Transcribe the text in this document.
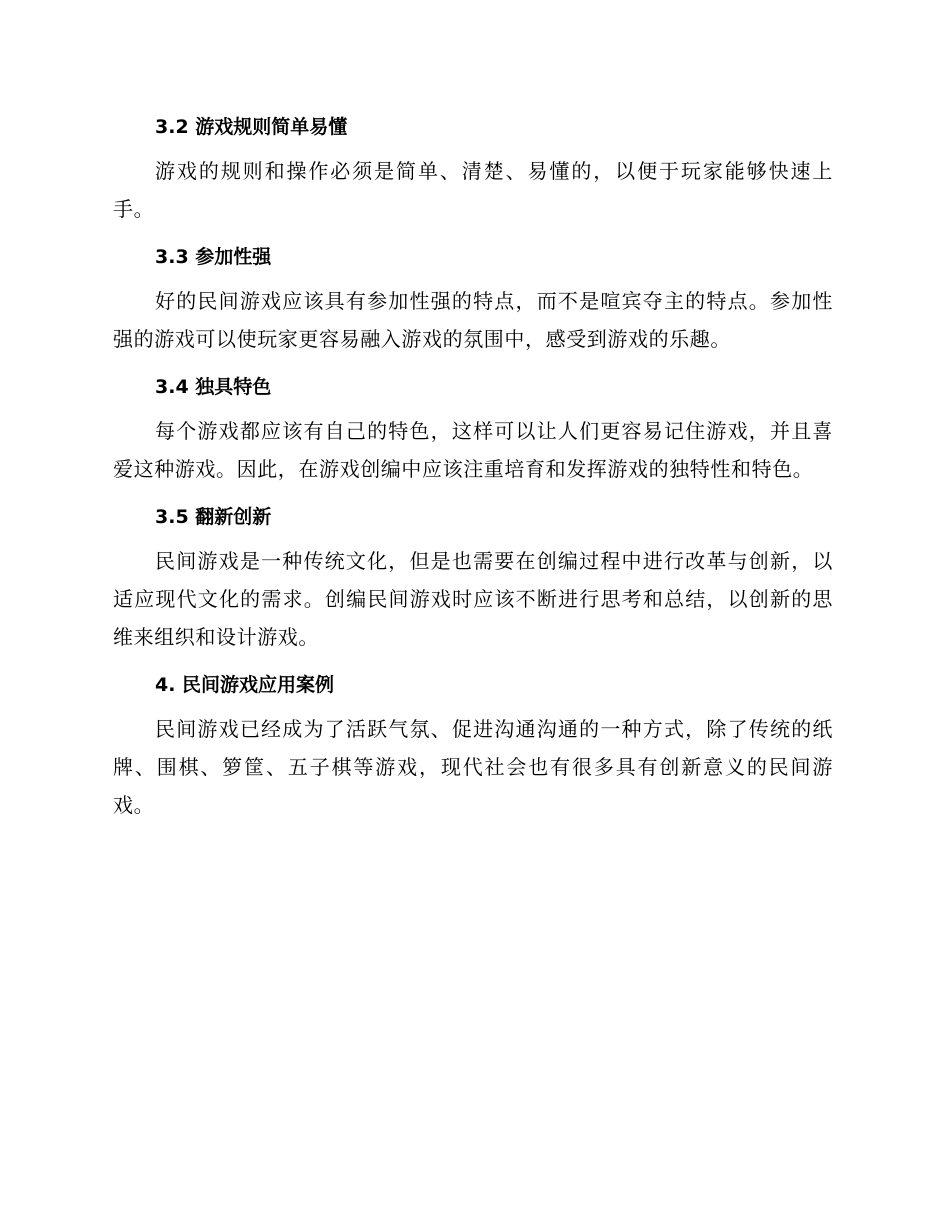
3.2 游戏规则简单易懂

游戏的规则和操作必须是简单、清楚、易懂的，以便于玩家能够快速上手。

3.3 参加性强

好的民间游戏应该具有参加性强的特点，而不是喧宾夺主的特点。参加性强的游戏可以使玩家更容易融入游戏的氛围中，感受到游戏的乐趣。

3.4 独具特色

每个游戏都应该有自己的特色，这样可以让人们更容易记住游戏，并且喜爱这种游戏。因此，在游戏创编中应该注重培育和发挥游戏的独特性和特色。

3.5 翻新创新

民间游戏是一种传统文化，但是也需要在创编过程中进行改革与创新，以适应现代文化的需求。创编民间游戏时应该不断进行思考和总结，以创新的思维来组织和设计游戏。

4. 民间游戏应用案例

民间游戏已经成为了活跃气氛、促进沟通沟通的一种方式，除了传统的纸牌、围棋、箩筐、五子棋等游戏，现代社会也有很多具有创新意义的民间游戏。
